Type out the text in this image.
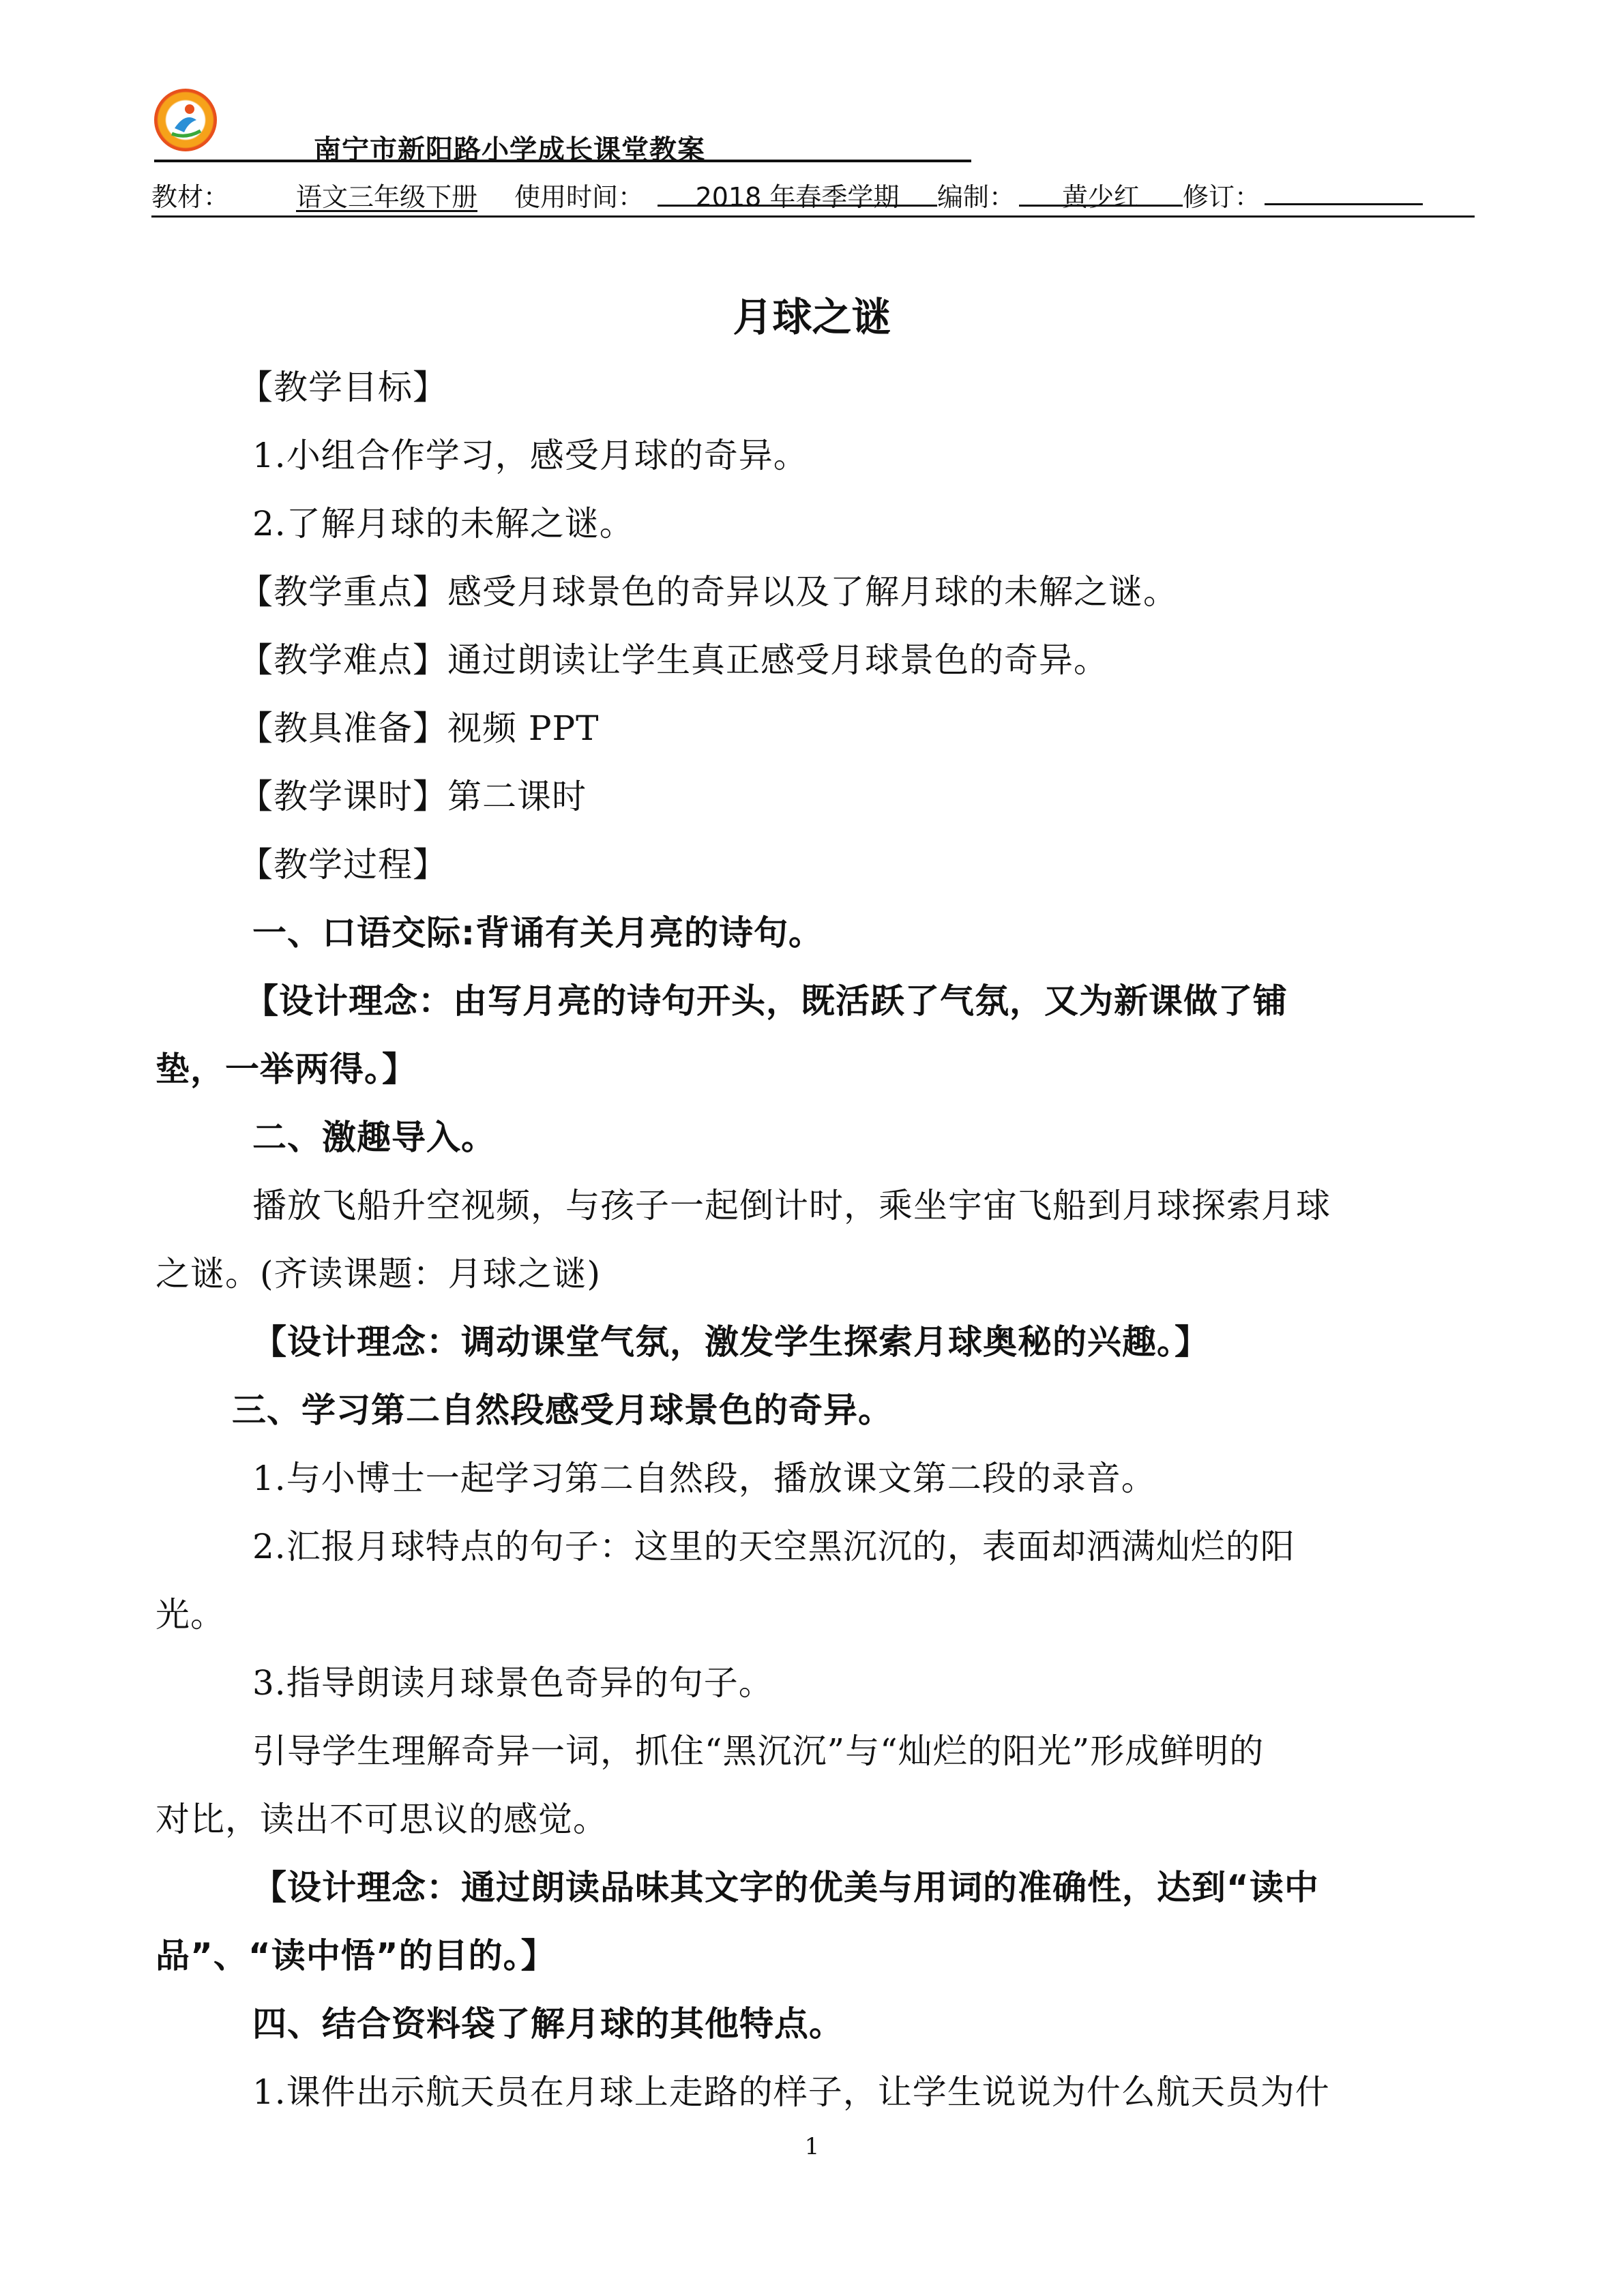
南宁市新阳路小学成长课堂教案
教材：	语文三年级下册 使用时间：	2018 年春季学期	编制：	黄少红	修订：
月球之谜
【教学目标】
1.小组合作学习，感受月球的奇异。
2.了解月球的未解之谜。
【教学重点】感受月球景色的奇异以及了解月球的未解之谜。
【教学难点】通过朗读让学生真正感受月球景色的奇异。
【教具准备】视频 PPT
【教学课时】第二课时
【教学过程】
一、口语交际:背诵有关月亮的诗句。
【设计理念：由写月亮的诗句开头，既活跃了气氛，又为新课做了铺
垫，一举两得。】
二、激趣导入。
播放飞船升空视频，与孩子一起倒计时，乘坐宇宙飞船到月球探索月球
之谜。(齐读课题：月球之谜)
【设计理念：调动课堂气氛，激发学生探索月球奥秘的兴趣。】
三、学习第二自然段感受月球景色的奇异。
1.与小博士一起学习第二自然段，播放课文第二段的录音。
2.汇报月球特点的句子：这里的天空黑沉沉的，表面却洒满灿烂的阳
光。
3.指导朗读月球景色奇异的句子。
引导学生理解奇异一词，抓住“黑沉沉”与“灿烂的阳光”形成鲜明的
对比，读出不可思议的感觉。
【设计理念：通过朗读品味其文字的优美与用词的准确性，达到“读中
品”、“读中悟”的目的。】
四、结合资料袋了解月球的其他特点。
1.课件出示航天员在月球上走路的样子，让学生说说为什么航天员为什
1
